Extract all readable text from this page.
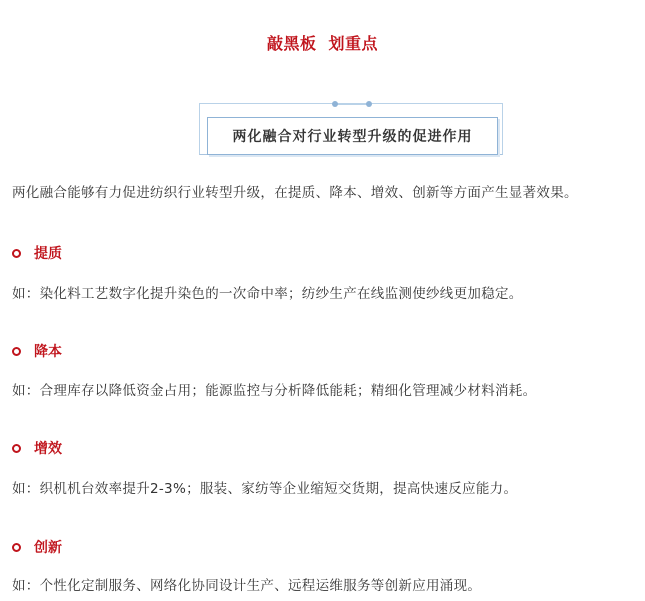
敲黑板 划重点
两化融合对行业转型升级的促进作用
两化融合能够有力促进纺织行业转型升级，在提质、降本、增效、创新等方面产生显著效果。
提质
如：染化料工艺数字化提升染色的一次命中率；纺纱生产在线监测使纱线更加稳定。
降本
如：合理库存以降低资金占用；能源监控与分析降低能耗；精细化管理减少材料消耗。
增效
如：织机机台效率提升2-3%；服装、家纺等企业缩短交货期，提高快速反应能力。
创新
如：个性化定制服务、网络化协同设计生产、远程运维服务等创新应用涌现。
